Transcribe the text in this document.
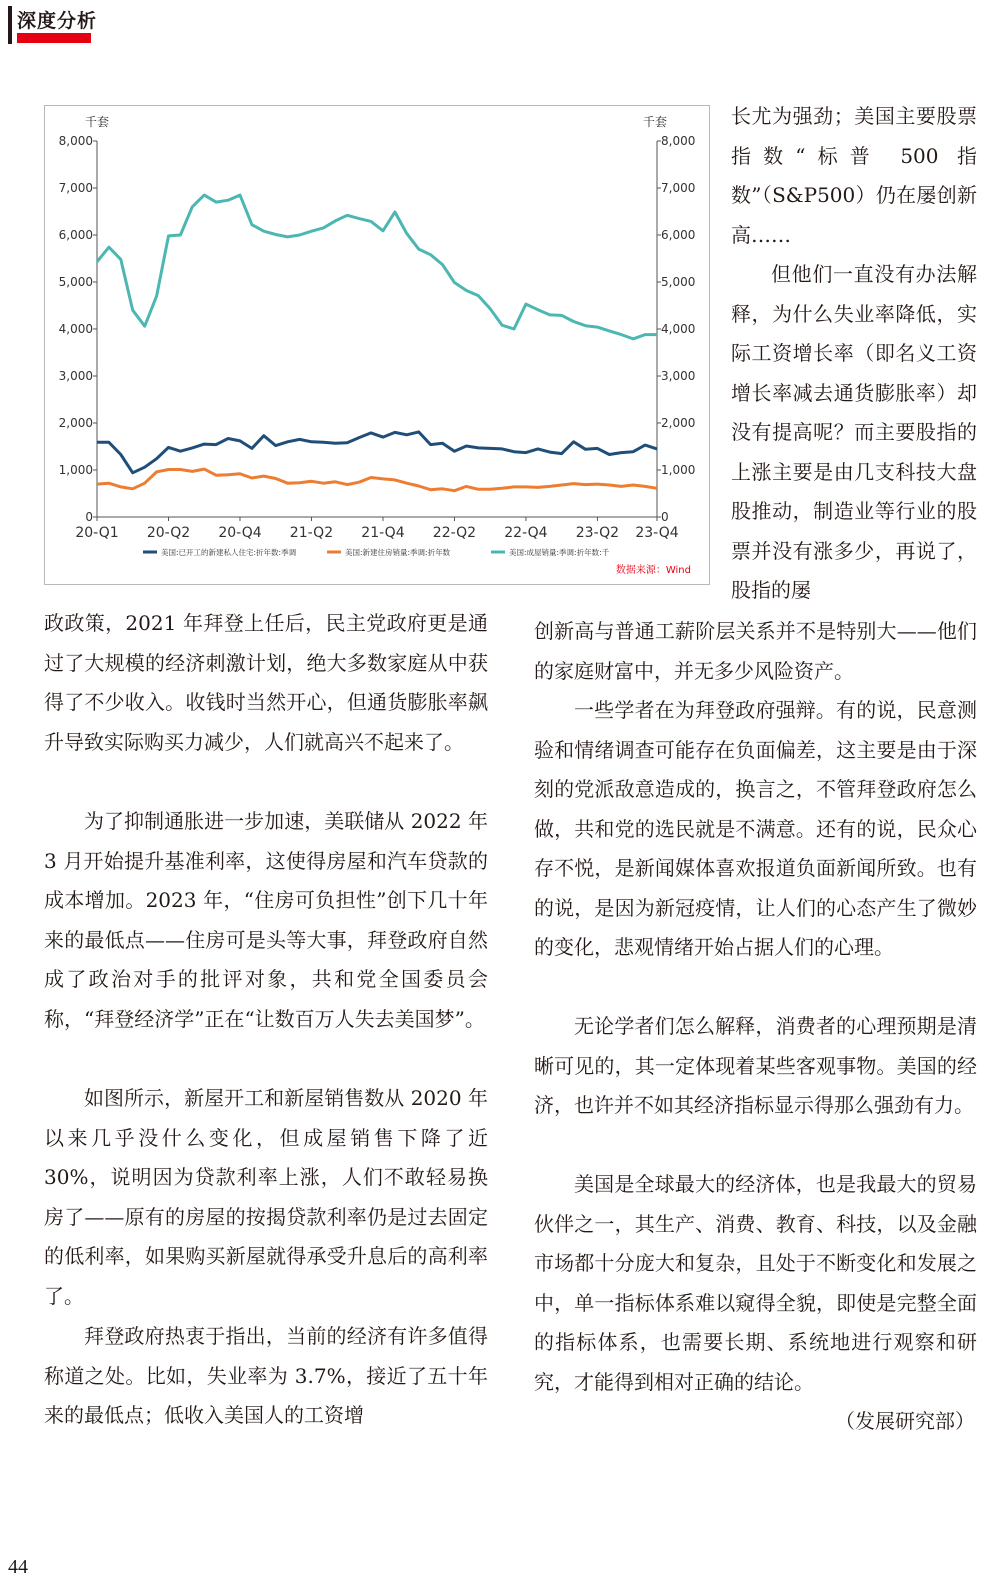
深度分析
0	0
1,000	1,000
2,000	2,000
3,000	3,000
4,000	4,000
5,000	5,000
6,000	6,000
7,000	7,000
8,000	8,000
千套	千套
20-Q1 20-Q2 20-Q4 21-Q2 21-Q4 22-Q2 22-Q4 23-Q2 23-Q4
美国:已开工的新建私人住宅:折年数:季调	美国:新建住房销量:季调:折年数	美国:成屋销量:季调:折年数:千
数据来源：Wind

长尤为强劲；美国主要股票指数“标普 500 指数”（S&P500）仍在屡创新高……

但他们一直没有办法解释，为什么失业率降低，实际工资增长率（即名义工资增长率减去通货膨胀率）却没有提高呢？而主要股指的上涨主要是由几支科技大盘股推动，制造业等行业的股票并没有涨多少，再说了，股指的屡

政政策，2021 年拜登上任后，民主党政府更是通过了大规模的经济刺激计划，绝大多数家庭从中获得了不少收入。收钱时当然开心，但通货膨胀率飙升导致实际购买力减少，人们就高兴不起来了。

为了抑制通胀进一步加速，美联储从 2022 年 3 月开始提升基准利率，这使得房屋和汽车贷款的成本增加。2023 年，“住房可负担性”创下几十年来的最低点——住房可是头等大事，拜登政府自然成了政治对手的批评对象，共和党全国委员会称，“拜登经济学”正在“让数百万人失去美国梦”。

如图所示，新屋开工和新屋销售数从 2020 年以来几乎没什么变化，但成屋销售下降了近 30%，说明因为贷款利率上涨，人们不敢轻易换房了——原有的房屋的按揭贷款利率仍是过去固定的低利率，如果购买新屋就得承受升息后的高利率了。

拜登政府热衷于指出，当前的经济有许多值得称道之处。比如，失业率为 3.7%，接近了五十年来的最低点；低收入美国人的工资增

创新高与普通工薪阶层关系并不是特别大——他们的家庭财富中，并无多少风险资产。

一些学者在为拜登政府强辩。有的说，民意测验和情绪调查可能存在负面偏差，这主要是由于深刻的党派敌意造成的，换言之，不管拜登政府怎么做，共和党的选民就是不满意。还有的说，民众心存不悦，是新闻媒体喜欢报道负面新闻所致。也有的说，是因为新冠疫情，让人们的心态产生了微妙的变化，悲观情绪开始占据人们的心理。

无论学者们怎么解释，消费者的心理预期是清晰可见的，其一定体现着某些客观事物。美国的经济，也许并不如其经济指标显示得那么强劲有力。

美国是全球最大的经济体，也是我最大的贸易伙伴之一，其生产、消费、教育、科技，以及金融市场都十分庞大和复杂，且处于不断变化和发展之中，单一指标体系难以窥得全貌，即使是完整全面的指标体系，也需要长期、系统地进行观察和研究，才能得到相对正确的结论。

（发展研究部）
44
